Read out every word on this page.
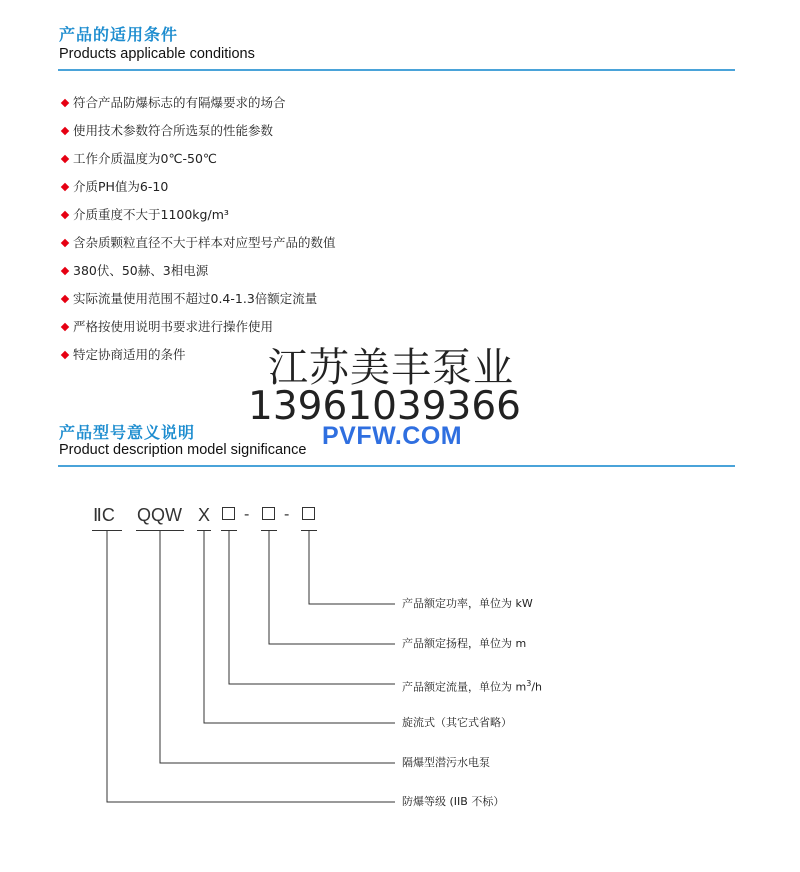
产品的适用条件
Products applicable conditions
符合产品防爆标志的有隔爆要求的场合
使用技术参数符合所选泵的性能参数
工作介质温度为0℃-50℃
介质PH值为6-10
介质重度不大于1100kg/m³
含杂质颗粒直径不大于样本对应型号产品的数值
380伏、50赫、3相电源
实际流量使用范围不超过0.4-1.3倍额定流量
严格按使用说明书要求进行操作使用
特定协商适用的条件
产品型号意义说明
Product description model significance
江苏美丰泵业
13961039366
PVFW.COM
ⅡC QQW X - -
产品额定功率，单位为 kW
产品额定扬程，单位为 m
产品额定流量，单位为 $m^3/h$
旋流式（其它式省略）
隔爆型潜污水电泵
防爆等级 (IIB 不标）
